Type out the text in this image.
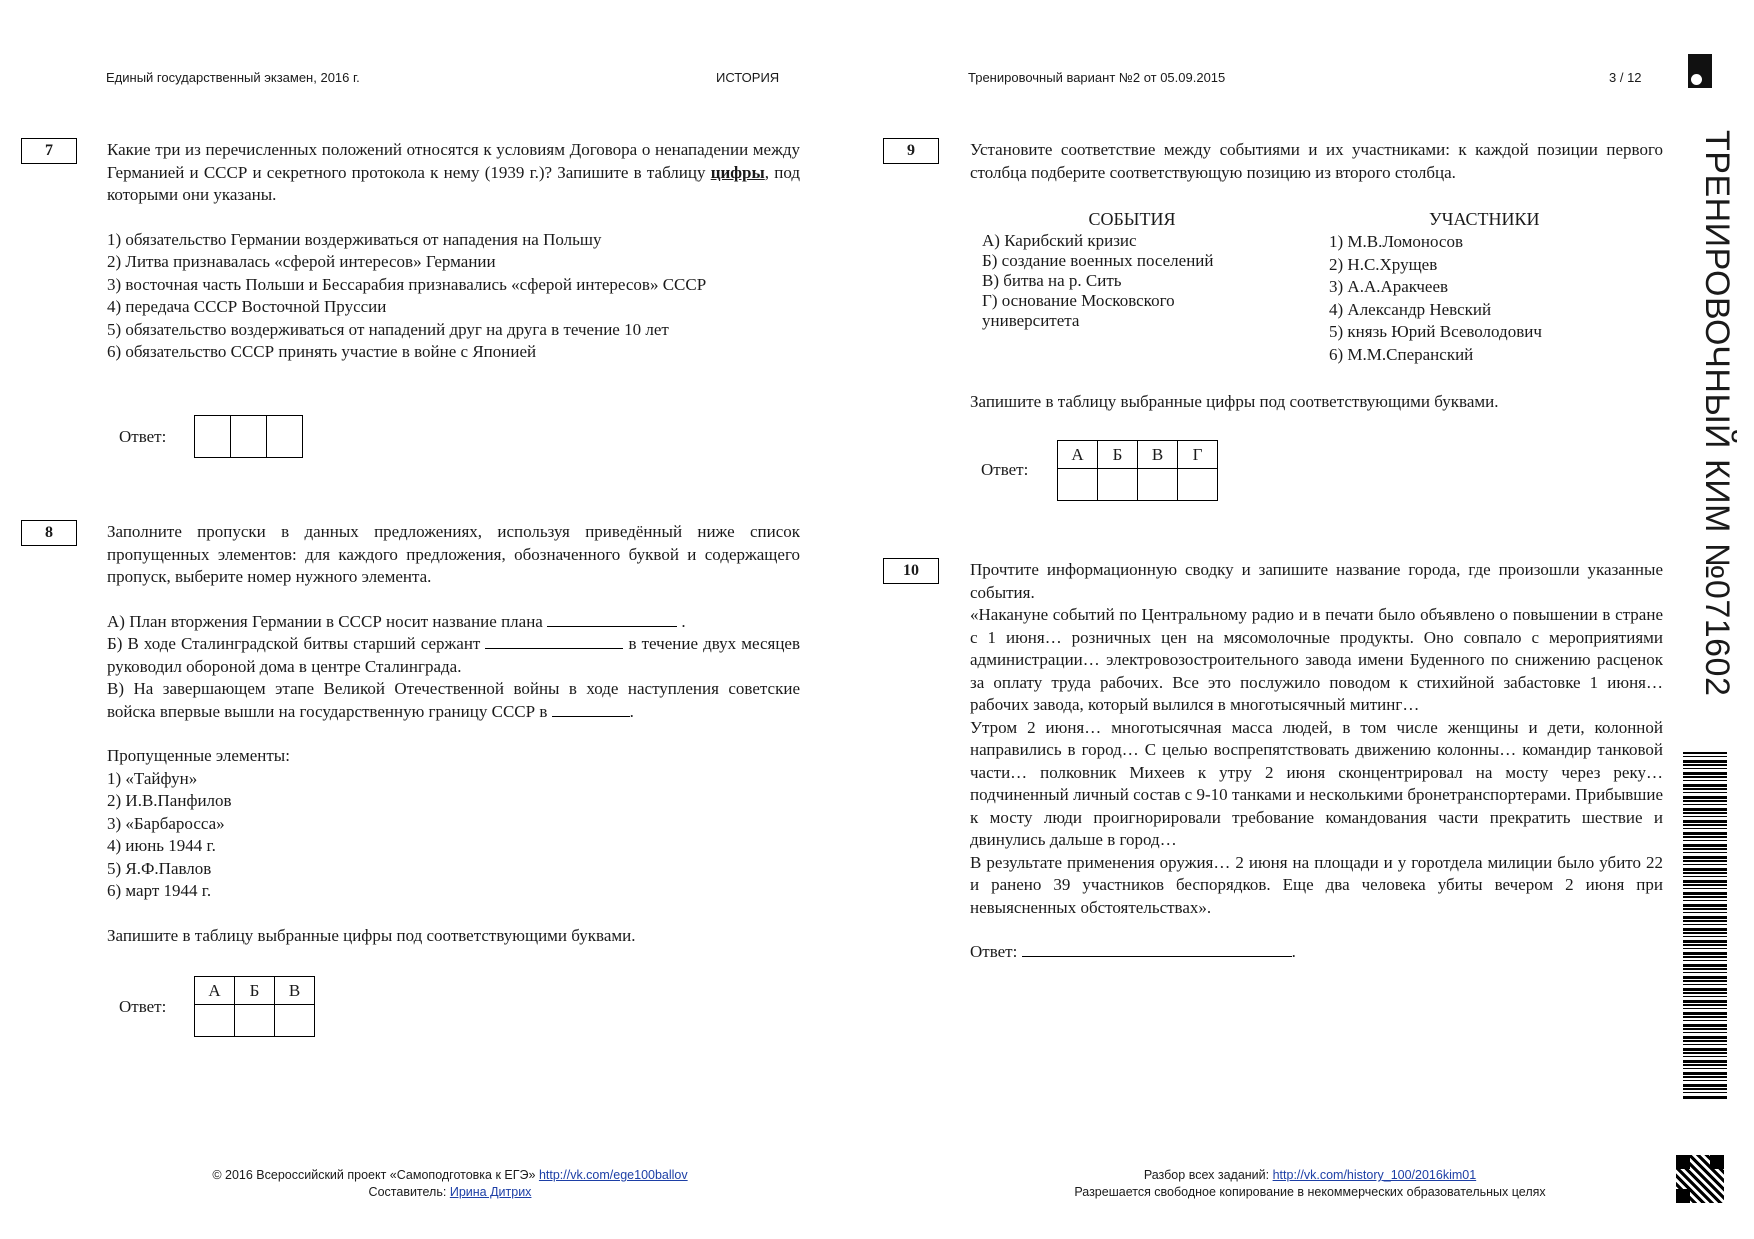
Единый государственный экзамен, 2016 г.	ИСТОРИЯ	Тренировочный вариант №2 от 05.09.2015	3 / 12
ТРЕНИРОВОЧНЫЙ КИМ №071602
7	Какие три из перечисленных положений относятся к условиям Договора о ненападении между Германией и СССР и секретного протокола к нему (1939 г.)? Запишите в таблицу цифры, под которыми они указаны.
1) обязательство Германии воздерживаться от нападения на Польшу
2) Литва признавалась «сферой интересов» Германии
3) восточная часть Польши и Бессарабия признавались «сферой интересов» СССР
4) передача СССР Восточной Пруссии
5) обязательство воздерживаться от нападений друг на друга в течение 10 лет
6) обязательство СССР принять участие в войне с Японией
Ответ:

8	Заполните пропуски в данных предложениях, используя приведённый ниже список пропущенных элементов: для каждого предложения, обозначенного буквой и содержащего пропуск, выберите номер нужного элемента.
А) План вторжения Германии в СССР носит название плана	.
Б) В ходе Сталинградской битвы старший сержант	в течение двух месяцев руководил обороной дома в центре Сталинграда.
В) На завершающем этапе Великой Отечественной войны в ходе наступления советские войска впервые вышли на государственную границу СССР в	.
Пропущенные элементы:
1) «Тайфун»
2) И.В.Панфилов
3) «Барбаросса»
4) июнь 1944 г.
5) Я.Ф.Павлов
6) март 1944 г.
Запишите в таблицу выбранные цифры под соответствующими буквами.
Ответ:
А	Б	В

9	Установите соответствие между событиями и их участниками: к каждой позиции первого столбца подберите соответствующую позицию из второго столбца.
СОБЫТИЯ
А) Карибский кризис
Б) создание военных поселений
В) битва на р. Сить
Г) основание Московского университета
УЧАСТНИКИ
1) М.В.Ломоносов
2) Н.С.Хрущев
3) А.А.Аракчеев
4) Александр Невский
5) князь Юрий Всеволодович
6) М.М.Сперанский
Запишите в таблицу выбранные цифры под соответствующими буквами.
Ответ:
А	Б	В	Г

10	Прочтите информационную сводку и запишите название города, где произошли указанные события.
«Накануне событий по Центральному радио и в печати было объявлено о повышении в стране с 1 июня… розничных цен на мясомолочные продукты. Оно совпало с мероприятиями администрации… электровозостроительного завода имени Буденного по снижению расценок за оплату труда рабочих. Все это послужило поводом к стихийной забастовке 1 июня… рабочих завода, который вылился в многотысячный митинг…
Утром 2 июня… многотысячная масса людей, в том числе женщины и дети, колонной направились в город… С целью воспрепятствовать движению колонны… командир танковой части… полковник Михеев к утру 2 июня сконцентрировал на мосту через реку… подчиненный личный состав с 9-10 танками и несколькими бронетранспортерами. Прибывшие к мосту люди проигнорировали требование командования части прекратить шествие и двинулись дальше в город…
В результате применения оружия… 2 июня на площади и у горотдела милиции было убито 22 и ранено 39 участников беспорядков. Еще два человека убиты вечером 2 июня при невыясненных обстоятельствах».
Ответ:	.
© 2016 Всероссийский проект «Самоподготовка к ЕГЭ» http://vk.com/ege100ballov
Составитель: Ирина Дитрих
Разбор всех заданий: http://vk.com/history_100/2016kim01
Разрешается свободное копирование в некоммерческих образовательных целях
